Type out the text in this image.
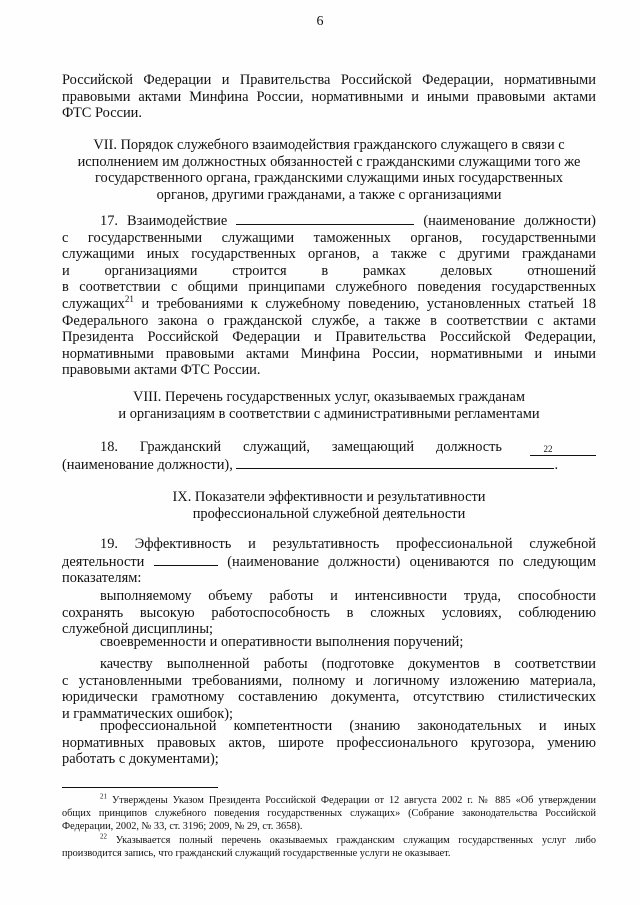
6
Российской Федерации и Правительства Российской Федерации, нормативными
правовыми актами Минфина России, нормативными и иными правовыми актами
ФТС России.
VII. Порядок служебного взаимодействия гражданского служащего в связи с
исполнением им должностных обязанностей с гражданскими служащими того же
государственного органа, гражданскими служащими иных государственных
органов, другими гражданами, а также с организациями
17. Взаимодействие	(наименование должности)
с государственными служащими таможенных органов, государственными
служащими иных государственных органов, а также с другими гражданами
и организациями строится в рамках деловых отношений
в соответствии с общими принципами служебного поведения государственных
служащих$^{21}$ и требованиями к служебному поведению, установленных статьей 18
Федерального закона о гражданской службе, а также в соответствии с актами
Президента Российской Федерации и Правительства Российской Федерации,
нормативными правовыми актами Минфина России, нормативными и иными
правовыми актами ФТС России.
VIII. Перечень государственных услуг, оказываемых гражданам
и организациям в соответствии с административными регламентами
18. Гражданский служащий, замещающий должность
(наименование должности),
22
.
IX. Показатели эффективности и результативности
профессиональной служебной деятельности
19. Эффективность и результативность профессиональной служебной
деятельности	(наименование должности) оцениваются по следующим
показателям:
выполняемому объему работы и интенсивности труда, способности
сохранять высокую работоспособность в сложных условиях, соблюдению
служебной дисциплины;
своевременности и оперативности выполнения поручений;
качеству выполненной работы (подготовке документов в соответствии
с установленными требованиями, полному и логичному изложению материала,
юридически грамотному составлению документа, отсутствию стилистических
и грамматических ошибок);
профессиональной компетентности (знанию законодательных и иных
нормативных правовых актов, широте профессионального кругозора, умению
работать с документами);
$^{21}$ Утверждены Указом Президента Российской Федерации от 12 августа 2002 г. № 885 «Об утверждении
общих принципов служебного поведения государственных служащих» (Собрание законодательства Российской
Федерации, 2002, № 33, ст. 3196; 2009, № 29, ст. 3658).
$^{22}$ Указывается полный перечень оказываемых гражданским служащим государственных услуг либо
производится запись, что гражданский служащий государственные услуги не оказывает.
